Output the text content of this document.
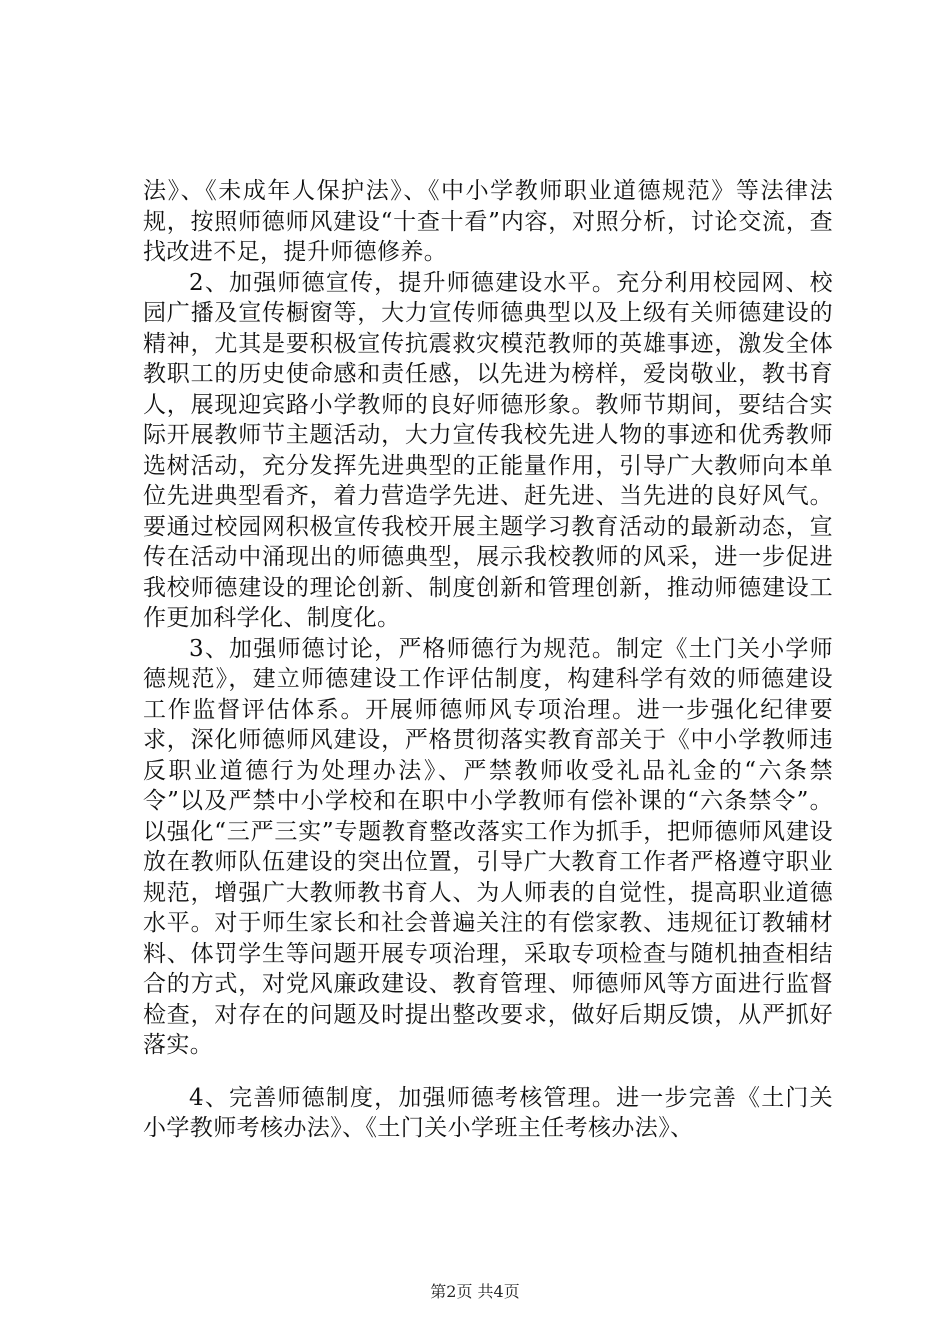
法》、《未成年人保护法》、《中小学教师职业道德规范》等法律法规，按照师德师风建设“十查十看”内容，对照分析，讨论交流，查找改进不足，提升师德修养。

2、加强师德宣传，提升师德建设水平。充分利用校园网、校园广播及宣传橱窗等，大力宣传师德典型以及上级有关师德建设的精神，尤其是要积极宣传抗震救灾模范教师的英雄事迹，激发全体教职工的历史使命感和责任感，以先进为榜样，爱岗敬业，教书育人，展现迎宾路小学教师的良好师德形象。教师节期间，要结合实际开展教师节主题活动，大力宣传我校先进人物的事迹和优秀教师选树活动，充分发挥先进典型的正能量作用，引导广大教师向本单位先进典型看齐，着力营造学先进、赶先进、当先进的良好风气。要通过校园网积极宣传我校开展主题学习教育活动的最新动态，宣传在活动中涌现出的师德典型，展示我校教师的风采，进一步促进我校师德建设的理论创新、制度创新和管理创新，推动师德建设工作更加科学化、制度化。

3、加强师德讨论，严格师德行为规范。制定《土门关小学师德规范》，建立师德建设工作评估制度，构建科学有效的师德建设工作监督评估体系。开展师德师风专项治理。进一步强化纪律要求，深化师德师风建设，严格贯彻落实教育部关于《中小学教师违反职业道德行为处理办法》、严禁教师收受礼品礼金的“六条禁令”以及严禁中小学校和在职中小学教师有偿补课的“六条禁令”。以强化“三严三实”专题教育整改落实工作为抓手，把师德师风建设放在教师队伍建设的突出位置，引导广大教育工作者严格遵守职业规范，增强广大教师教书育人、为人师表的自觉性，提高职业道德水平。对于师生家长和社会普遍关注的有偿家教、违规征订教辅材料、体罚学生等问题开展专项治理，采取专项检查与随机抽查相结合的方式，对党风廉政建设、教育管理、师德师风等方面进行监督检查，对存在的问题及时提出整改要求，做好后期反馈，从严抓好落实。

4、完善师德制度，加强师德考核管理。进一步完善《土门关小学教师考核办法》、《土门关小学班主任考核办法》、

第2页 共4页
